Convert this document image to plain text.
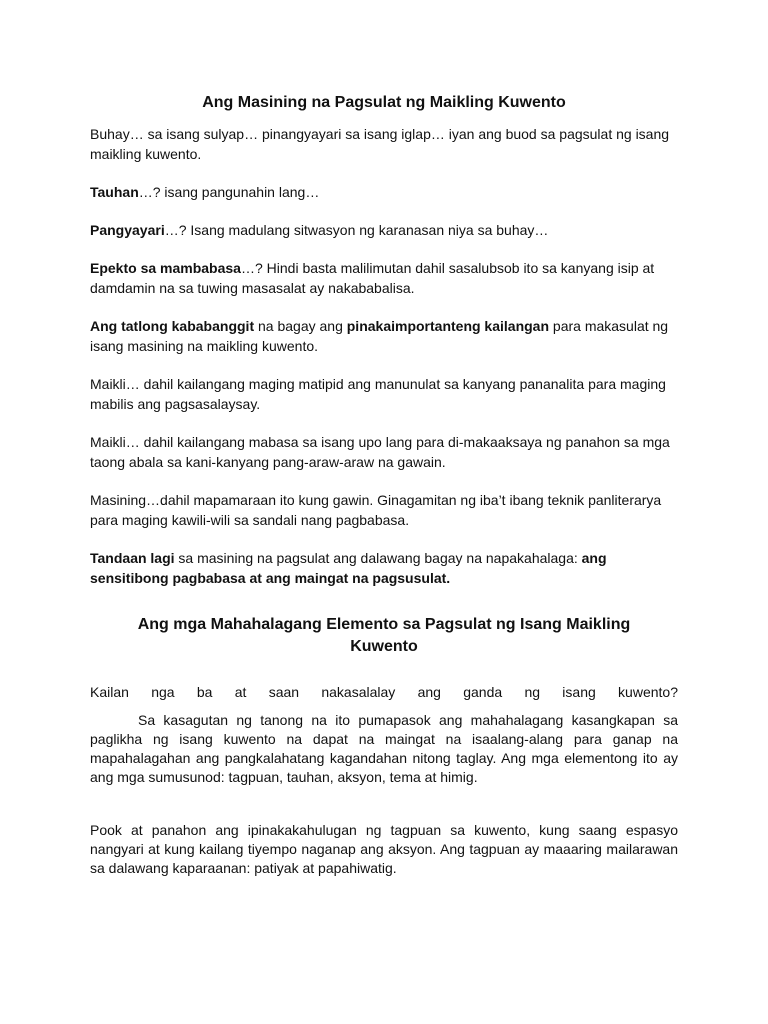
Ang Masining na Pagsulat ng Maikling Kuwento

Buhay… sa isang sulyap… pinangyayari sa isang iglap… iyan ang buod sa pagsulat ng isang maikling kuwento.

Tauhan…? isang pangunahin lang…

Pangyayari…? Isang madulang sitwasyon ng karanasan niya sa buhay…

Epekto sa mambabasa…? Hindi basta malilimutan dahil sasalubsob ito sa kanyang isip at damdamin na sa tuwing masasalat ay nakababalisa.

Ang tatlong kababanggit na bagay ang pinakaimportanteng kailangan para makasulat ng isang masining na maikling kuwento.

Maikli… dahil kailangang maging matipid ang manunulat sa kanyang pananalita para maging mabilis ang pagsasalaysay.

Maikli… dahil kailangang mabasa sa isang upo lang para di-makaaksaya ng panahon sa mga taong abala sa kani-kanyang pang-araw-araw na gawain.

Masining…dahil mapamaraan ito kung gawin. Ginagamitan ng iba’t ibang teknik panliterarya para maging kawili-wili sa sandali nang pagbabasa.

Tandaan lagi sa masining na pagsulat ang dalawang bagay na napakahalaga: ang sensitibong pagbabasa at ang maingat na pagsusulat.

Ang mga Mahahalagang Elemento sa Pagsulat ng Isang Maikling Kuwento

Kailan nga ba at saan nakasalalay ang ganda ng isang kuwento?

Sa kasagutan ng tanong na ito pumapasok ang mahahalagang kasangkapan sa paglikha ng isang kuwento na dapat na maingat na isaalang-alang para ganap na mapahalagahan ang pangkalahatang kagandahan nitong taglay. Ang mga elementong ito ay ang mga sumusunod: tagpuan, tauhan, aksyon, tema at himig.

Pook at panahon ang ipinakakahulugan ng tagpuan sa kuwento, kung saang espasyo nangyari at kung kailang tiyempo naganap ang aksyon. Ang tagpuan ay maaaring mailarawan sa dalawang kaparaanan: patiyak at papahiwatig.
